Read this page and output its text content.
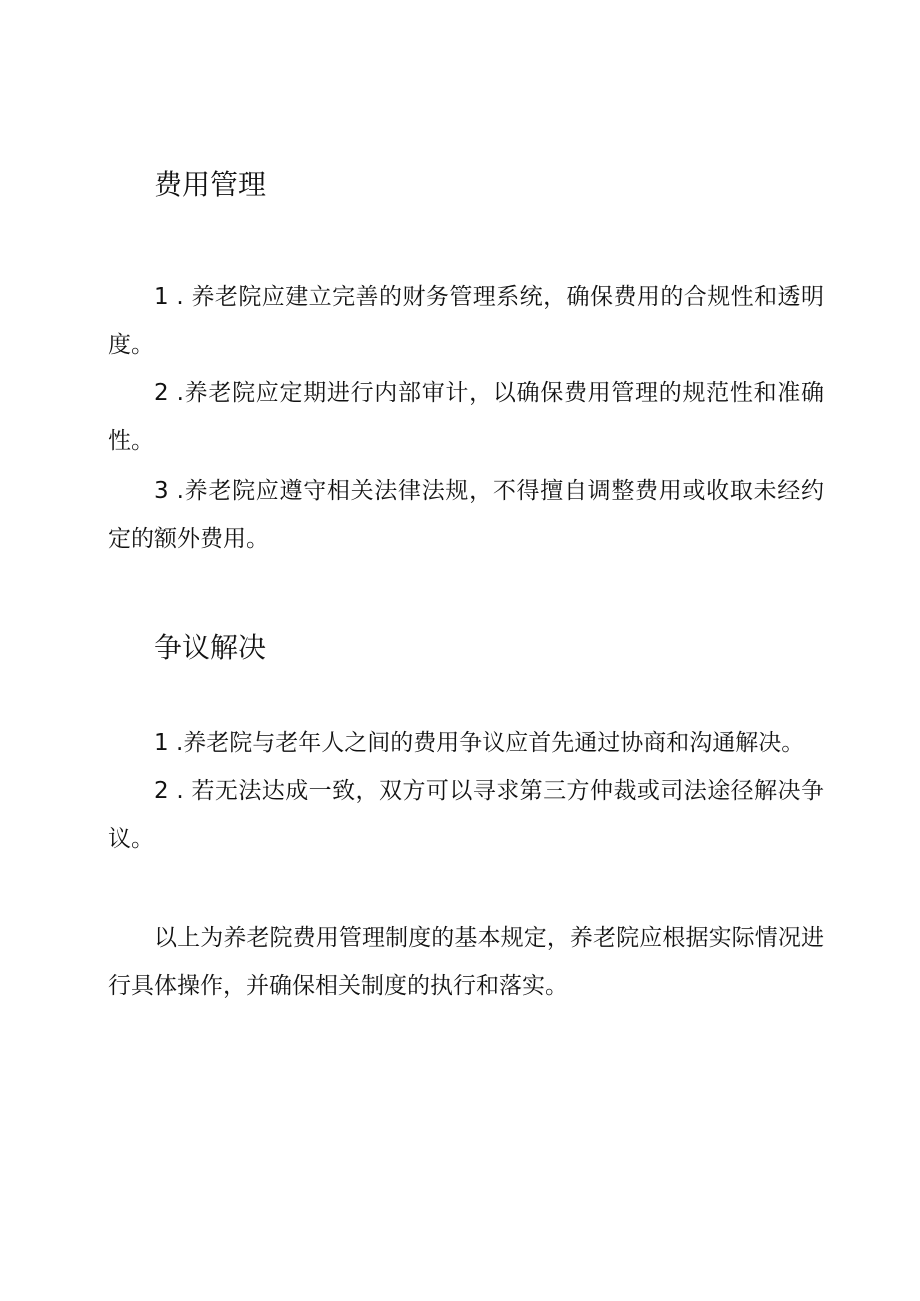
费用管理

1 . 养老院应建立完善的财务管理系统，确保费用的合规性和透明度。

2 .养老院应定期进行内部审计，以确保费用管理的规范性和准确性。

3 .养老院应遵守相关法律法规，不得擅自调整费用或收取未经约定的额外费用。

争议解决

1 .养老院与老年人之间的费用争议应首先通过协商和沟通解决。

2 . 若无法达成一致，双方可以寻求第三方仲裁或司法途径解决争议。

以上为养老院费用管理制度的基本规定，养老院应根据实际情况进行具体操作，并确保相关制度的执行和落实。
